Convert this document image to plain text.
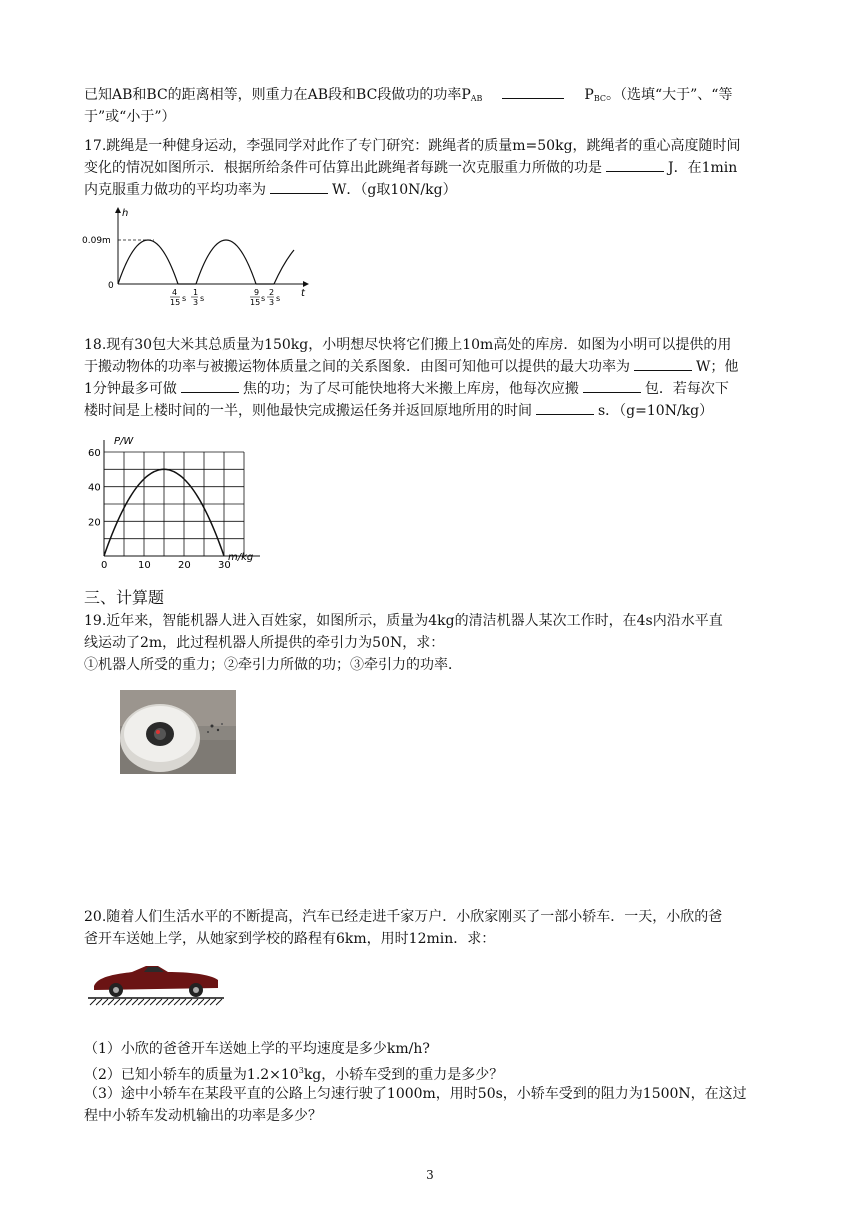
已知AB和BC的距离相等，则重力在AB段和BC段做功的功率$P_{AB}$	$P_{BC}$。（选填“大于”、“等
于”或“小于”）
17.跳绳是一种健身运动，李强同学对此作了专门研究：跳绳者的质量m=50kg，跳绳者的重心高度随时间
变化的情况如图所示．根据所给条件可估算出此跳绳者每跳一次克服重力所做的功是	J．在1min
内克服重力做功的平均功率为	W．（g取10N/kg）
h
t
0.09m
0
4
15 s
1
3 s
9
15 s
2
3 s
18.现有30包大米其总质量为150kg，小明想尽快将它们搬上10m高处的库房．如图为小明可以提供的用
于搬动物体的功率与被搬运物体质量之间的关系图象．由图可知他可以提供的最大功率为	W；他
1分钟最多可做	焦的功；为了尽可能快地将大米搬上库房，他每次应搬	包．若每次下
楼时间是上楼时间的一半，则他最快完成搬运任务并返回原地所用的时间	s．（g=10N/kg）
0	10	20	30
20
40
60
P/W
m/kg
三、计算题
19.近年来，智能机器人进入百姓家，如图所示，质量为4kg的清洁机器人某次工作时，在4s内沿水平直
线运动了2m，此过程机器人所提供的牵引力为50N，求：
①机器人所受的重力；②牵引力所做的功；③牵引力的功率．
20.随着人们生活水平的不断提高，汽车已经走进千家万户．小欣家刚买了一部小轿车．一天，小欣的爸
爸开车送她上学，从她家到学校的路程有6km，用时12min．求：
（1）小欣的爸爸开车送她上学的平均速度是多少km/h?
（2）已知小轿车的质量为$1.2\times 10^3kg$，小轿车受到的重力是多少？
（3）途中小轿车在某段平直的公路上匀速行驶了1000m，用时50s，小轿车受到的阻力为1500N，在这过
程中小轿车发动机输出的功率是多少？
3
